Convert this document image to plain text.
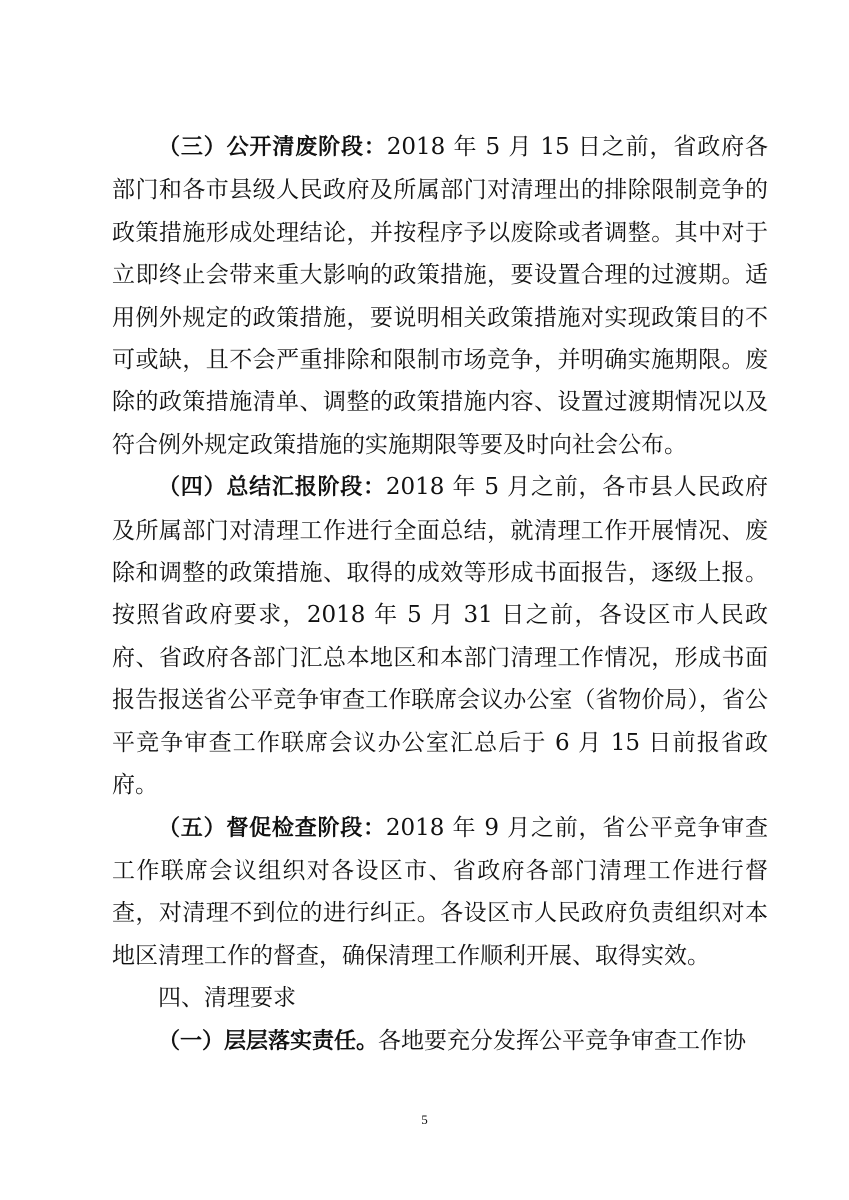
（三）公开清废阶段：2018 年 5 月 15 日之前，省政府各部门和各市县级人民政府及所属部门对清理出的排除限制竞争的政策措施形成处理结论，并按程序予以废除或者调整。其中对于立即终止会带来重大影响的政策措施，要设置合理的过渡期。适用例外规定的政策措施，要说明相关政策措施对实现政策目的不可或缺，且不会严重排除和限制市场竞争，并明确实施期限。废除的政策措施清单、调整的政策措施内容、设置过渡期情况以及符合例外规定政策措施的实施期限等要及时向社会公布。

（四）总结汇报阶段：2018 年 5 月之前，各市县人民政府及所属部门对清理工作进行全面总结，就清理工作开展情况、废除和调整的政策措施、取得的成效等形成书面报告，逐级上报。按照省政府要求，2018 年 5 月 31 日之前，各设区市人民政府、省政府各部门汇总本地区和本部门清理工作情况，形成书面报告报送省公平竞争审查工作联席会议办公室（省物价局），省公平竞争审查工作联席会议办公室汇总后于 6 月 15 日前报省政府。

（五）督促检查阶段：2018 年 9 月之前，省公平竞争审查工作联席会议组织对各设区市、省政府各部门清理工作进行督查，对清理不到位的进行纠正。各设区市人民政府负责组织对本地区清理工作的督查，确保清理工作顺利开展、取得实效。

四、清理要求

（一）层层落实责任。各地要充分发挥公平竞争审查工作协

5
